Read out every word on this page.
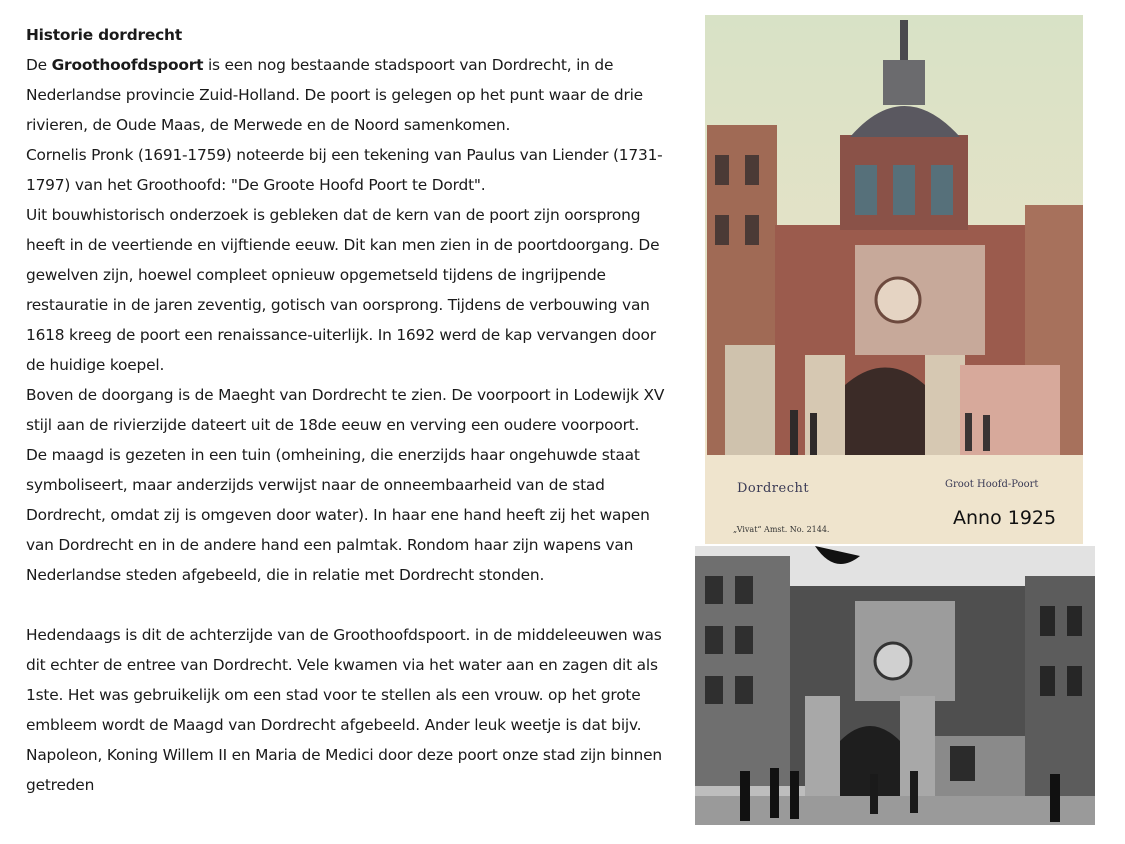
Historie dordrecht

De Groothoofdspoort is een nog bestaande stadspoort van Dordrecht, in de Nederlandse provincie Zuid-Holland. De poort is gelegen op het punt waar de drie rivieren, de Oude Maas, de Merwede en de Noord samenkomen.

Cornelis Pronk (1691-1759) noteerde bij een tekening van Paulus van Liender (1731-1797) van het Groothoofd: "De Groote Hoofd Poort te Dordt".

Uit bouwhistorisch onderzoek is gebleken dat de kern van de poort zijn oorsprong heeft in de veertiende en vijftiende eeuw. Dit kan men zien in de poortdoorgang. De gewelven zijn, hoewel compleet opnieuw opgemetseld tijdens de ingrijpende restauratie in de jaren zeventig, gotisch van oorsprong. Tijdens de verbouwing van 1618 kreeg de poort een renaissance-uiterlijk. In 1692 werd de kap vervangen door de huidige koepel.

Boven de doorgang is de Maeght van Dordrecht te zien. De voorpoort in Lodewijk XV stijl aan de rivierzijde dateert uit de 18de eeuw en verving een oudere voorpoort.

De maagd is gezeten in een tuin (omheining, die enerzijds haar ongehuwde staat symboliseert, maar anderzijds verwijst naar de onneembaarheid van de stad Dordrecht, omdat zij is omgeven door water). In haar ene hand heeft zij het wapen van Dordrecht en in de andere hand een palmtak. Rondom haar zijn wapens van Nederlandse steden afgebeeld, die in relatie met Dordrecht stonden.

Hedendaags is dit de achterzijde van de Groothoofdspoort. in de middeleeuwen was dit echter de entree van Dordrecht. Vele kwamen via het water aan en zagen dit als 1ste. Het was gebruikelijk om een stad voor te stellen als een vrouw. op het grote embleem wordt de Maagd van Dordrecht afgebeeld. Ander leuk weetje is dat bijv. Napoleon, Koning Willem II en Maria de Medici door deze poort onze stad zijn binnen getreden

Dordrecht	Groot Hoofd-Poort
„Vivat“ Amst. No. 2144.
Anno 1925
